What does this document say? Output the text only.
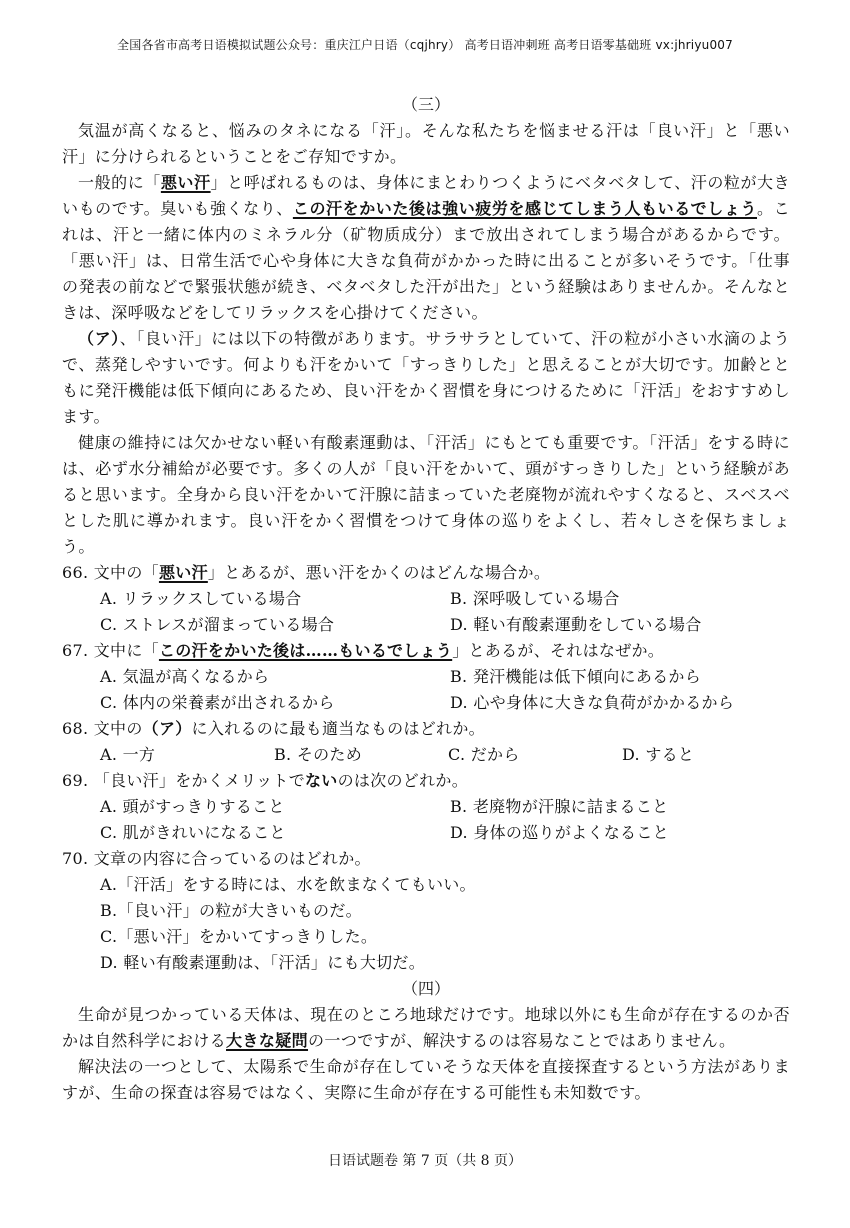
全国各省市高考日语模拟试题公众号：重庆江户日语（cqjhry） 高考日语冲刺班 高考日语零基础班 vx:jhriyu007
（三）

気温が高くなると、悩みのタネになる「汗」。そんな私たちを悩ませる汗は「良い汗」と「悪い汗」に分けられるということをご存知ですか。

一般的に「悪い汗」と呼ばれるものは、身体にまとわりつくようにベタベタして、汗の粒が大きいものです。臭いも強くなり、この汗をかいた後は強い疲労を感じてしまう人もいるでしょう。これは、汗と一緒に体内のミネラル分（矿物质成分）まで放出されてしまう場合があるからです。「悪い汗」は、日常生活で心や身体に大きな負荷がかかった時に出ることが多いそうです。「仕事の発表の前などで緊張状態が続き、ベタベタした汗が出た」という経験はありませんか。そんなときは、深呼吸などをしてリラックスを心掛けてください。

（ア）、「良い汗」には以下の特徴があります。サラサラとしていて、汗の粒が小さい水滴のようで、蒸発しやすいです。何よりも汗をかいて「すっきりした」と思えることが大切です。加齢とともに発汗機能は低下傾向にあるため、良い汗をかく習慣を身につけるために「汗活」をおすすめします。

健康の維持には欠かせない軽い有酸素運動は、「汗活」にもとても重要です。「汗活」をする時には、必ず水分補給が必要です。多くの人が「良い汗をかいて、頭がすっきりした」という経験があると思います。全身から良い汗をかいて汗腺に詰まっていた老廃物が流れやすくなると、スベスベとした肌に導かれます。良い汗をかく習慣をつけて身体の巡りをよくし、若々しさを保ちましょう。

66. 文中の「悪い汗」とあるが、悪い汗をかくのはどんな場合か。
A. リラックスしている場合	B. 深呼吸している場合
C. ストレスが溜まっている場合	D. 軽い有酸素運動をしている場合
67. 文中に「この汗をかいた後は……もいるでしょう」とあるが、それはなぜか。
A. 気温が高くなるから	B. 発汗機能は低下傾向にあるから
C. 体内の栄養素が出されるから	D. 心や身体に大きな負荷がかかるから
68. 文中の（ア）に入れるのに最も適当なものはどれか。
A. 一方	B. そのため	C. だから	D. すると
69. 「良い汗」をかくメリットでないのは次のどれか。
A. 頭がすっきりすること	B. 老廃物が汗腺に詰まること
C. 肌がきれいになること	D. 身体の巡りがよくなること
70. 文章の内容に合っているのはどれか。
A.「汗活」をする時には、水を飲まなくてもいい。
B.「良い汗」の粒が大きいものだ。
C.「悪い汗」をかいてすっきりした。
D. 軽い有酸素運動は、「汗活」にも大切だ。
（四）

生命が見つかっている天体は、現在のところ地球だけです。地球以外にも生命が存在するのか否かは自然科学における大きな疑問の一つですが、解決するのは容易なことではありません。

解決法の一つとして、太陽系で生命が存在していそうな天体を直接探査するという方法がありますが、生命の探査は容易ではなく、実際に生命が存在する可能性も未知数です。

日语试题卷 第 7 页（共 8 页）
